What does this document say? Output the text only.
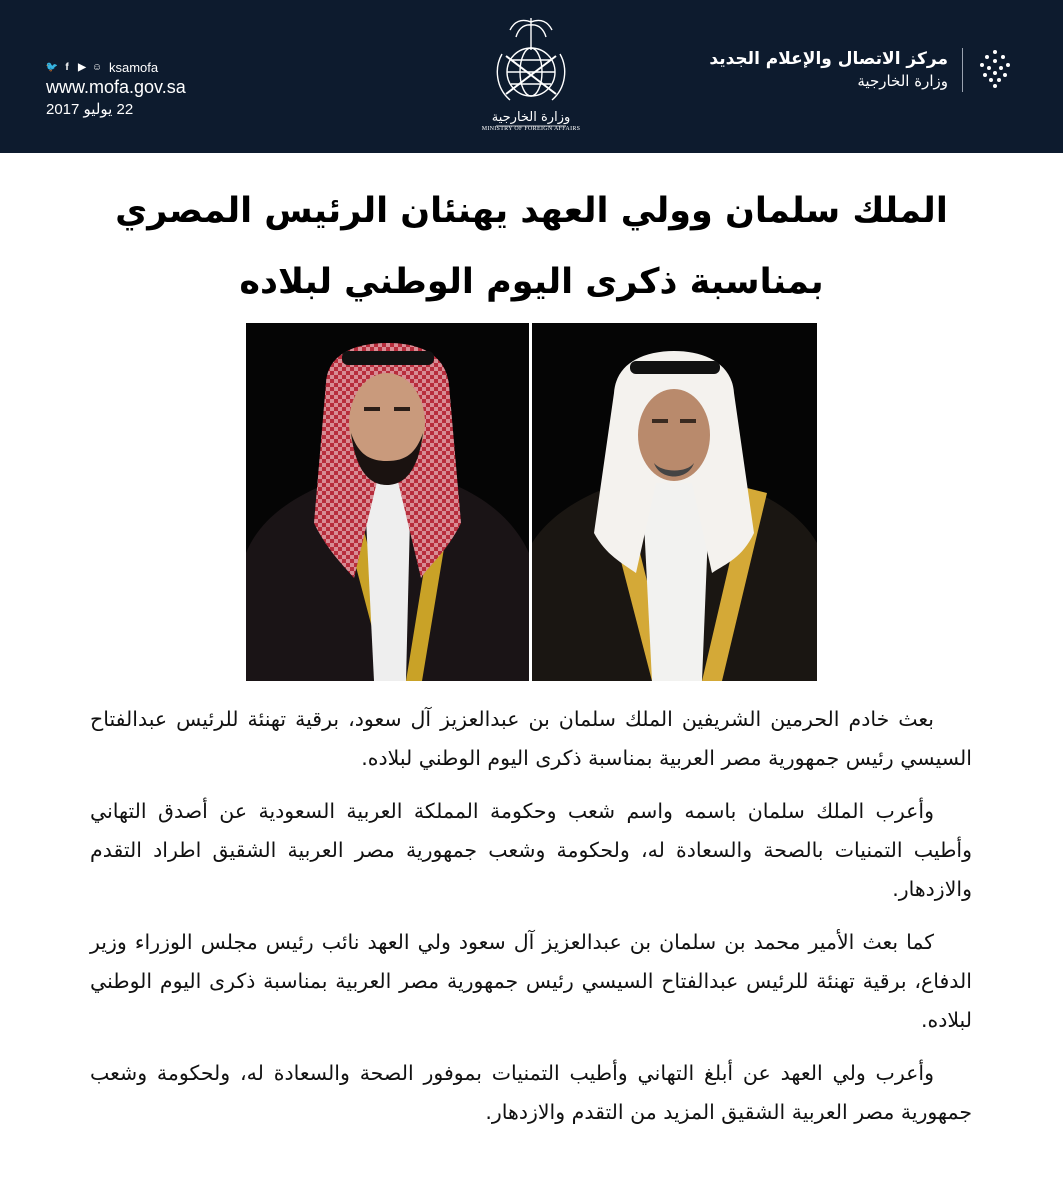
🐦 f ▶ ☺ ksamofa
www.mofa.gov.sa
22 يوليو 2017	وزارة الخارجية
MINISTRY OF FOREIGN AFFAIRS
مركز الاتصال والإعلام الجديد
وزارة الخارجية
الملك سلمان وولي العهد يهنئان الرئيس المصري بمناسبة ذكرى اليوم الوطني لبلاده

بعث خادم الحرمين الشريفين الملك سلمان بن عبدالعزيز آل سعود، برقية تهنئة للرئيس عبدالفتاح السيسي رئيس جمهورية مصر العربية بمناسبة ذكرى اليوم الوطني لبلاده.

وأعرب الملك سلمان باسمه واسم شعب وحكومة المملكة العربية السعودية عن أصدق التهاني وأطيب التمنيات بالصحة والسعادة له، ولحكومة وشعب جمهورية مصر العربية الشقيق اطراد التقدم والازدهار.

كما بعث الأمير محمد بن سلمان بن عبدالعزيز آل سعود ولي العهد نائب رئيس مجلس الوزراء وزير الدفاع، برقية تهنئة للرئيس عبدالفتاح السيسي رئيس جمهورية مصر العربية بمناسبة ذكرى اليوم الوطني لبلاده.

وأعرب ولي العهد عن أبلغ التهاني وأطيب التمنيات بموفور الصحة والسعادة له، ولحكومة وشعب جمهورية مصر العربية الشقيق المزيد من التقدم والازدهار.
